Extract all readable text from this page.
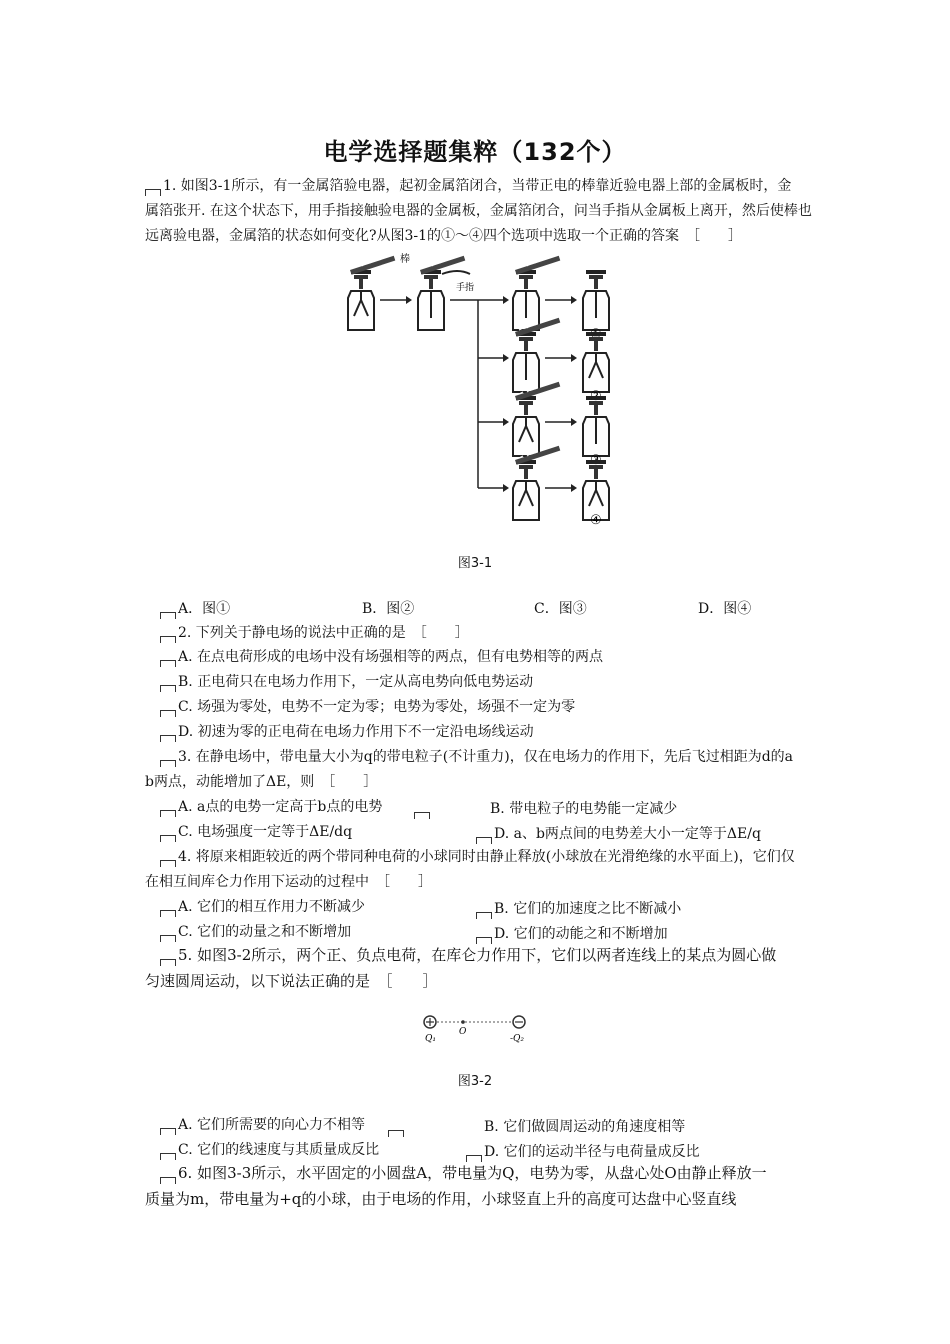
电学选择题集粹（132个）
1. 如图3-1所示，有一金属箔验电器，起初金属箔闭合，当带正电的棒靠近验电器上部的金属板时，金
属箔张开. 在这个状态下，用手指接触验电器的金属板，金属箔闭合，问当手指从金属板上离开，然后使棒也
远离验电器，金属箔的状态如何变化?从图3-1的①～④四个选项中选取一个正确的答案　［　　］
棒
手指
④
图3-1
A．图①	B．图②	C．图③	D．图④
2. 下列关于静电场的说法中正确的是　［　　］
A. 在点电荷形成的电场中没有场强相等的两点，但有电势相等的两点
B. 正电荷只在电场力作用下，一定从高电势向低电势运动
C. 场强为零处，电势不一定为零；电势为零处，场强不一定为零
D. 初速为零的正电荷在电场力作用下不一定沿电场线运动
3. 在静电场中，带电量大小为q的带电粒子(不计重力)，仅在电场力的作用下，先后飞过相距为d的a
b两点，动能增加了ΔE，则　［　　］
A. a点的电势一定高于b点的电势	B. 带电粒子的电势能一定减少
C. 电场强度一定等于ΔE/dq	D. a、b两点间的电势差大小一定等于ΔE/q
4. 将原来相距较近的两个带同种电荷的小球同时由静止释放(小球放在光滑绝缘的水平面上)，它们仅
在相互间库仑力作用下运动的过程中　［　　］
A. 它们的相互作用力不断减少	B. 它们的加速度之比不断减小
C. 它们的动量之和不断增加	D. 它们的动能之和不断增加
5. 如图3-2所示，两个正、负点电荷，在库仑力作用下，它们以两者连线上的某点为圆心做
匀速圆周运动，以下说法正确的是　［　　］
Q₁
O
-Q₂
图3-2
A. 它们所需要的向心力不相等	B. 它们做圆周运动的角速度相等
C. 它们的线速度与其质量成反比	D. 它们的运动半径与电荷量成反比
6. 如图3-3所示，水平固定的小圆盘A，带电量为Q，电势为零，从盘心处O由静止释放一
质量为m，带电量为+q的小球，由于电场的作用，小球竖直上升的高度可达盘中心竖直线
